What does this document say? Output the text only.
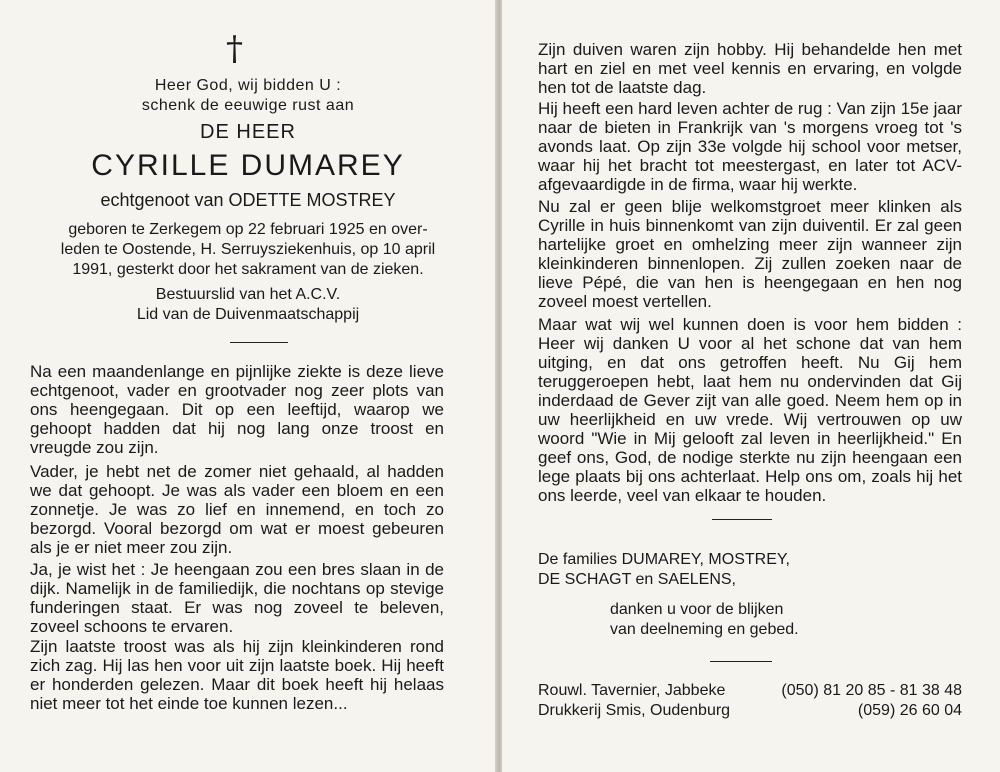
†
Heer God, wij bidden U :
schenk de eeuwige rust aan
DE HEER
CYRILLE DUMAREY
echtgenoot van ODETTE MOSTREY
geboren te Zerkegem op 22 februari 1925 en over-
leden te Oostende, H. Serruysziekenhuis, op 10 april
1991, gesterkt door het sakrament van de zieken.
Bestuurslid van het A.C.V.
Lid van de Duivenmaatschappij
Na een maandenlange en pijnlijke ziekte is deze lieve echtgenoot, vader en grootvader nog zeer plots van ons heengegaan. Dit op een leeftijd, waarop we gehoopt hadden dat hij nog lang onze troost en vreugde zou zijn.
Vader, je hebt net de zomer niet gehaald, al hadden we dat gehoopt. Je was als vader een bloem en een zonnetje. Je was zo lief en innemend, en toch zo bezorgd. Vooral bezorgd om wat er moest gebeuren als je er niet meer zou zijn.
Ja, je wist het : Je heengaan zou een bres slaan in de dijk. Namelijk in de familiedijk, die nochtans op stevige funderingen staat. Er was nog zoveel te beleven, zoveel schoons te ervaren.
Zijn laatste troost was als hij zijn kleinkinderen rond zich zag. Hij las hen voor uit zijn laatste boek. Hij heeft er honderden gelezen. Maar dit boek heeft hij helaas niet meer tot het einde toe kunnen lezen...
Zijn duiven waren zijn hobby. Hij behandelde hen met hart en ziel en met veel kennis en ervaring, en volgde hen tot de laatste dag.
Hij heeft een hard leven achter de rug : Van zijn 15e jaar naar de bieten in Frankrijk van 's morgens vroeg tot 's avonds laat. Op zijn 33e volgde hij school voor metser, waar hij het bracht tot meestergast, en later tot ACV-afgevaardigde in de firma, waar hij werkte.
Nu zal er geen blije welkomstgroet meer klinken als Cyrille in huis binnenkomt van zijn duiventil. Er zal geen hartelijke groet en omhelzing meer zijn wanneer zijn kleinkinderen binnenlopen. Zij zullen zoeken naar de lieve Pépé, die van hen is heengegaan en hen nog zoveel moest vertellen.
Maar wat wij wel kunnen doen is voor hem bidden : Heer wij danken U voor al het schone dat van hem uitging, en dat ons getroffen heeft. Nu Gij hem teruggeroepen hebt, laat hem nu ondervinden dat Gij inderdaad de Gever zijt van alle goed. Neem hem op in uw heerlijkheid en uw vrede. Wij vertrouwen op uw woord "Wie in Mij gelooft zal leven in heerlijkheid." En geef ons, God, de nodige sterkte nu zijn heengaan een lege plaats bij ons achterlaat. Help ons om, zoals hij het ons leerde, veel van elkaar te houden.
De families DUMAREY, MOSTREY,
DE SCHAGT en SAELENS,
danken u voor de blijken
van deelneming en gebed.
Rouwl. Tavernier, Jabbeke	(050) 81 20 85 - 81 38 48
Drukkerij Smis, Oudenburg	(059) 26 60 04
